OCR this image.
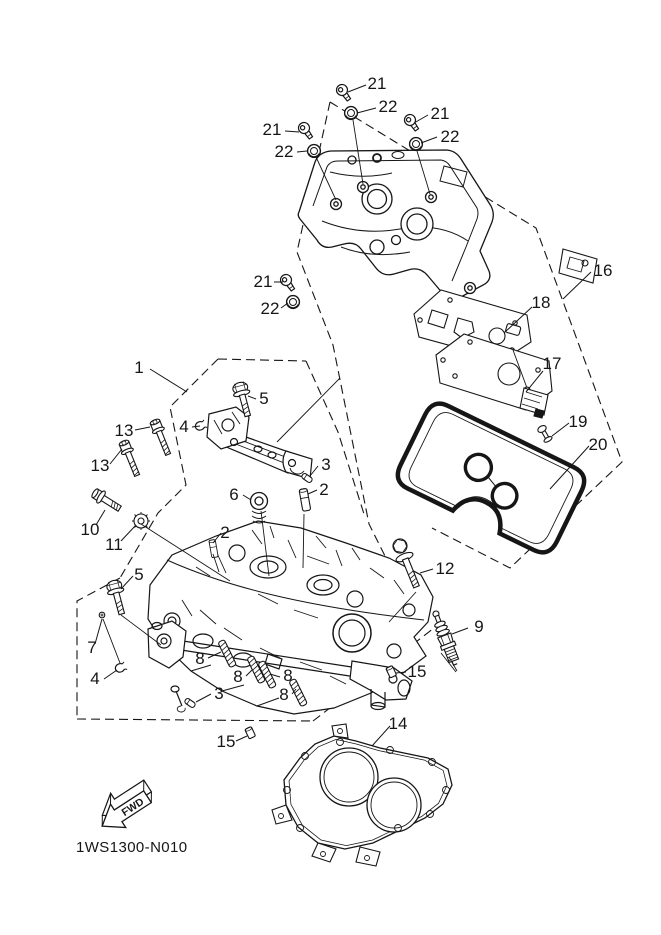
21
22
21
22
21
22
21
22
16
18
17
19
20
1
5
4
13
13
10
11
6
3
2
2
12
9
15
8
8 8
8
3
15
14
7
4
5
FWD
1WS1300-N010
